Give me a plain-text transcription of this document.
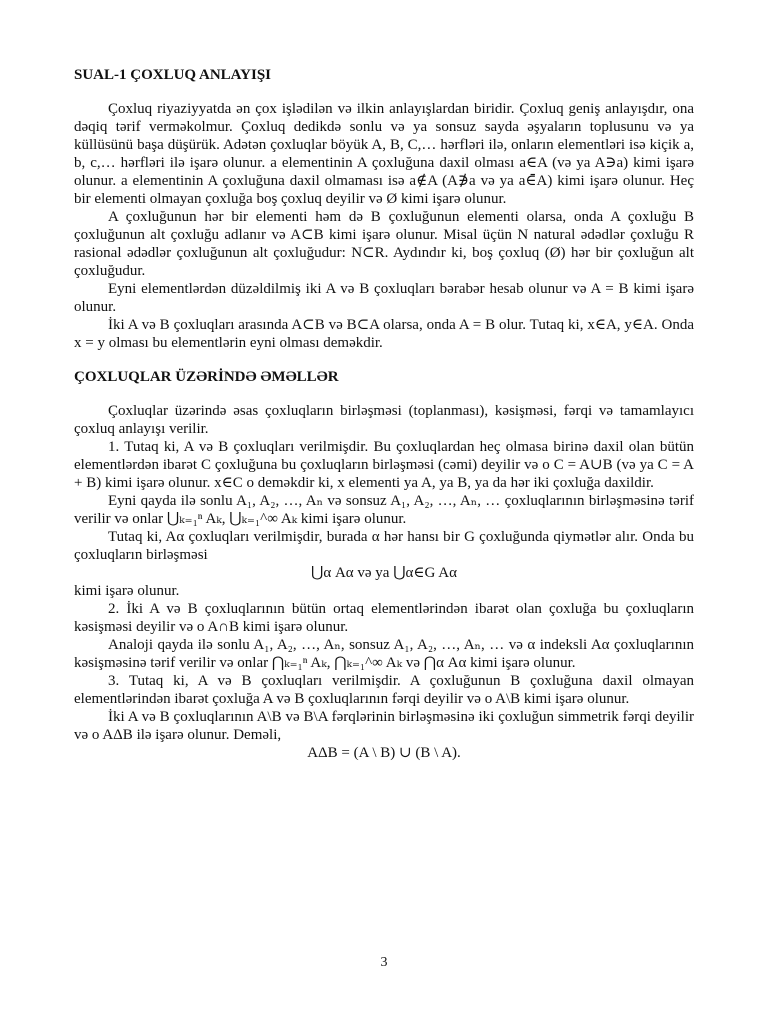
SUAL-1 ÇOXLUQ ANLAYIŞI

Çoxluq riyaziyyatda ən çox işlədilən və ilkin anlayışlardan biridir. Çoxluq geniş anlayışdır, ona dəqiq tərif verməkolmur. Çoxluq dedikdə sonlu və ya sonsuz sayda əşyaların toplusunu və ya küllüsünü başa düşürük. Adətən çoxluqlar böyük A, B, C,… hərfləri ilə, onların elementləri isə kiçik a, b, c,… hərfləri ilə işarə olunur. a elementinin A çoxluğuna daxil olması a∈A (və ya A∋a) kimi işarə olunur. a elementinin A çoxluğuna daxil olmaması isə a∉A (A∌a və ya a∈̄A) kimi işarə olunur. Heç bir elementi olmayan çoxluğa boş çoxluq deyilir və Ø kimi işarə olunur.

A çoxluğunun hər bir elementi həm də B çoxluğunun elementi olarsa, onda A çoxluğu B çoxluğunun alt çoxluğu adlanır və A⊂B kimi işarə olunur. Misal üçün N natural ədədlər çoxluğu R rasional ədədlər çoxluğunun alt çoxluğudur: N⊂R. Aydındır ki, boş çoxluq (Ø) hər bir çoxluğun alt çoxluğudur.

Eyni elementlərdən düzəldilmiş iki A və B çoxluqları bərabər hesab olunur və A = B kimi işarə olunur.

İki A və B çoxluqları arasında A⊂B və B⊂A olarsa, onda A = B olur. Tutaq ki, x∈A, y∈A. Onda x = y olması bu elementlərin eyni olması deməkdir.

ÇOXLUQLAR ÜZƏRİNDƏ ƏMƏLLƏR

Çoxluqlar üzərində əsas çoxluqların birləşməsi (toplanması), kəsişməsi, fərqi və tamamlayıcı çoxluq anlayışı verilir.

1. Tutaq ki, A və B çoxluqları verilmişdir. Bu çoxluqlardan heç olmasa birinə daxil olan bütün elementlərdən ibarət C çoxluğuna bu çoxluqların birləşməsi (cəmi) deyilir və o C = A∪B (və ya C = A + B) kimi işarə olunur. x∈C o deməkdir ki, x elementi ya A, ya B, ya da hər iki çoxluğa daxildir.

Eyni qayda ilə sonlu A₁, A₂, …, Aₙ və sonsuz A₁, A₂, …, Aₙ, … çoxluqlarının birləşməsinə tərif verilir və onlar ⋃ₖ₌₁ⁿ Aₖ, ⋃ₖ₌₁^∞ Aₖ kimi işarə olunur.

Tutaq ki, Aα çoxluqları verilmişdir, burada α hər hansı bir G çoxluğunda qiymətlər alır. Onda bu çoxluqların birləşməsi

⋃α Aα və ya ⋃α∈G Aα

kimi işarə olunur.

2. İki A və B çoxluqlarının bütün ortaq elementlərindən ibarət olan çoxluğa bu çoxluqların kəsişməsi deyilir və o A∩B kimi işarə olunur.

Analoji qayda ilə sonlu A₁, A₂, …, Aₙ, sonsuz A₁, A₂, …, Aₙ, … və α indeksli Aα çoxluqlarının kəsişməsinə tərif verilir və onlar ⋂ₖ₌₁ⁿ Aₖ, ⋂ₖ₌₁^∞ Aₖ və ⋂α Aα kimi işarə olunur.

3. Tutaq ki, A və B çoxluqları verilmişdir. A çoxluğunun B çoxluğuna daxil olmayan elementlərindən ibarət çoxluğa A və B çoxluqlarının fərqi deyilir və o A\B kimi işarə olunur.

İki A və B çoxluqlarının A\B və B\A fərqlərinin birləşməsinə iki çoxluğun simmetrik fərqi deyilir və o AΔB ilə işarə olunur. Deməli,

AΔB = (A \ B) ∪ (B \ A).

3
